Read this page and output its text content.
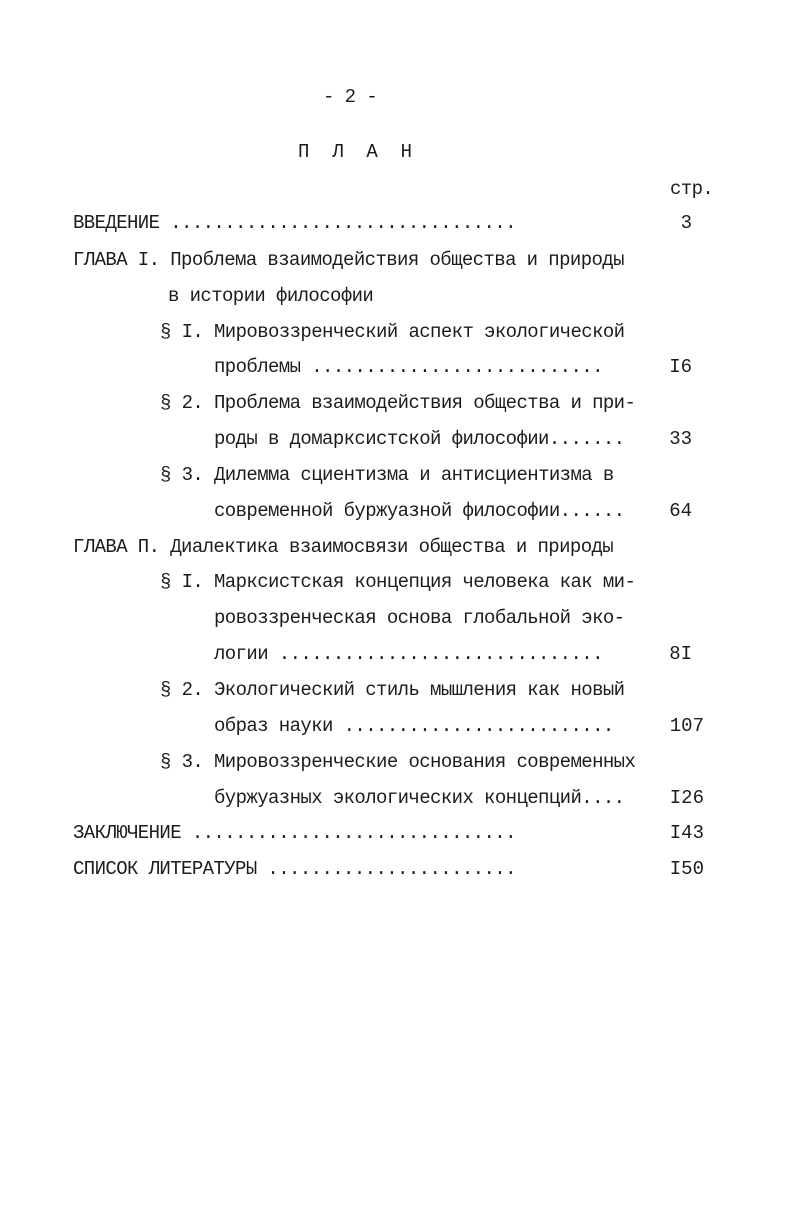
- 2 -
П  Л  А  Н
стр.
ВВЕДЕНИЕ ................................	3
ГЛАВА I. Проблема взаимодействия общества и природы
в истории философии
§ I. Мировоззренческий аспект экологической
проблемы ...........................	I6
§ 2. Проблема взаимодействия общества и при-
роды в домарксистской философии.......	33
§ 3. Дилемма сциентизма и антисциентизма в
современной буржуазной философии......	64
ГЛАВА П. Диалектика взаимосвязи общества и природы
§ I. Марксистская концепция человека как ми-
ровоззренческая основа глобальной эко-
логии ..............................	8I
§ 2. Экологический стиль мышления как новый
образ науки .........................	107
§ 3. Мировоззренческие основания современных
буржуазных экологических концепций....	I26
ЗАКЛЮЧЕНИЕ ..............................	I43
СПИСОК ЛИТЕРАТУРЫ .......................	I50
